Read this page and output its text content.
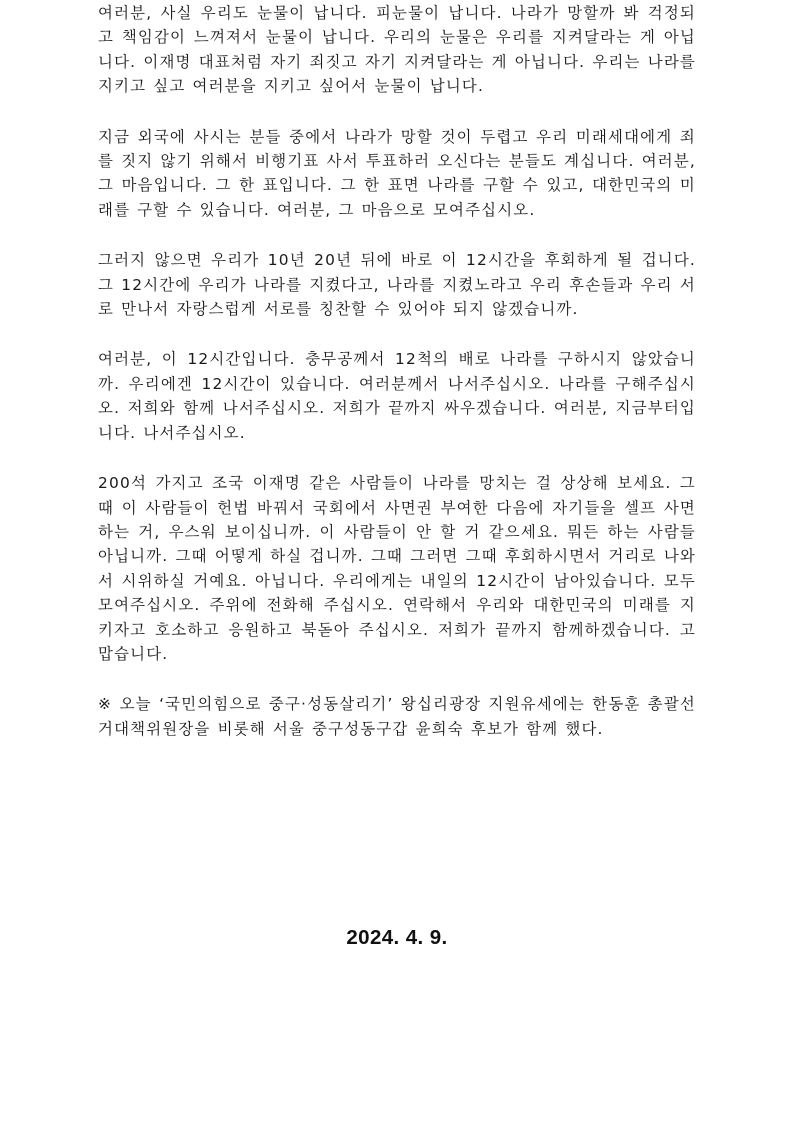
여러분, 사실 우리도 눈물이 납니다. 피눈물이 납니다. 나라가 망할까 봐 걱정되고 책임감이 느껴져서 눈물이 납니다. 우리의 눈물은 우리를 지켜달라는 게 아닙니다. 이재명 대표처럼 자기 죄짓고 자기 지켜달라는 게 아닙니다. 우리는 나라를 지키고 싶고 여러분을 지키고 싶어서 눈물이 납니다.

지금 외국에 사시는 분들 중에서 나라가 망할 것이 두렵고 우리 미래세대에게 죄를 짓지 않기 위해서 비행기표 사서 투표하러 오신다는 분들도 계십니다. 여러분, 그 마음입니다. 그 한 표입니다. 그 한 표면 나라를 구할 수 있고, 대한민국의 미래를 구할 수 있습니다. 여러분, 그 마음으로 모여주십시오.

그러지 않으면 우리가 10년 20년 뒤에 바로 이 12시간을 후회하게 될 겁니다. 그 12시간에 우리가 나라를 지켰다고, 나라를 지켰노라고 우리 후손들과 우리 서로 만나서 자랑스럽게 서로를 칭찬할 수 있어야 되지 않겠습니까.

여러분, 이 12시간입니다. 충무공께서 12척의 배로 나라를 구하시지 않았습니까. 우리에겐 12시간이 있습니다. 여러분께서 나서주십시오. 나라를 구해주십시오. 저희와 함께 나서주십시오. 저희가 끝까지 싸우겠습니다. 여러분, 지금부터입니다. 나서주십시오.

200석 가지고 조국 이재명 같은 사람들이 나라를 망치는 걸 상상해 보세요. 그때 이 사람들이 헌법 바꿔서 국회에서 사면권 부여한 다음에 자기들을 셀프 사면하는 거, 우스워 보이십니까. 이 사람들이 안 할 거 같으세요. 뭐든 하는 사람들 아닙니까. 그때 어떻게 하실 겁니까. 그때 그러면 그때 후회하시면서 거리로 나와서 시위하실 거예요. 아닙니다. 우리에게는 내일의 12시간이 남아있습니다. 모두 모여주십시오. 주위에 전화해 주십시오. 연락해서 우리와 대한민국의 미래를 지키자고 호소하고 응원하고 북돋아 주십시오. 저희가 끝까지 함께하겠습니다. 고맙습니다.

※ 오늘 ‘국민의힘으로 중구·성동살리기’ 왕십리광장 지원유세에는 한동훈 총괄선거대책위원장을 비롯해 서울 중구성동구갑 윤희숙 후보가 함께 했다.

2024. 4. 9.
